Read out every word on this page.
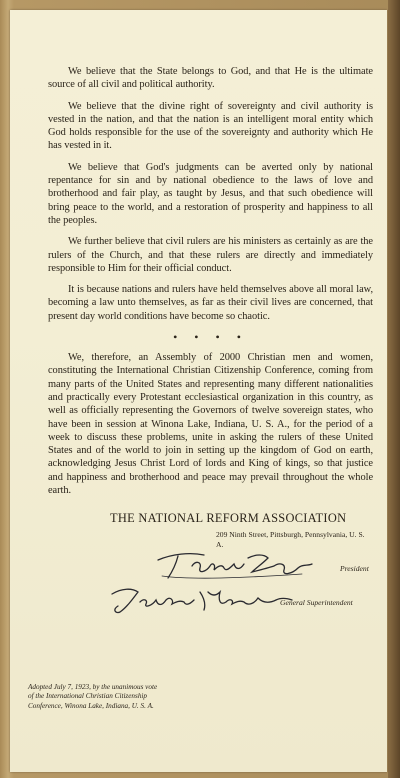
We believe that the State belongs to God, and that He is the ultimate source of all civil and political authority.

We believe that the divine right of sovereignty and civil authority is vested in the nation, and that the nation is an intelligent moral entity which God holds responsible for the use of the sovereignty and authority which He has vested in it.

We believe that God's judgments can be averted only by national repentance for sin and by national obedience to the laws of love and brotherhood and fair play, as taught by Jesus, and that such obedience will bring peace to the world, and a restoration of prosperity and happiness to all the peoples.

We further believe that civil rulers are his ministers as certainly as are the rulers of the Church, and that these rulers are directly and immediately responsible to Him for their official conduct.

It is because nations and rulers have held themselves above all moral law, becoming a law unto themselves, as far as their civil lives are concerned, that present day world conditions have become so chaotic.

• • • •

We, therefore, an Assembly of 2000 Christian men and women, constituting the International Christian Citizenship Conference, coming from many parts of the United States and representing many different nationalities and practically every Protestant ecclesiastical organization in this country, as well as officially representing the Governors of twelve sovereign states, who have been in session at Winona Lake, Indiana, U. S. A., for the period of a week to discuss these problems, unite in asking the rulers of these United States and of the world to join in setting up the kingdom of God on earth, acknowledging Jesus Christ Lord of lords and King of kings, so that justice and happiness and brotherhood and peace may prevail throughout the whole earth.

THE NATIONAL REFORM ASSOCIATION
209 Ninth Street, Pittsburgh, Pennsylvania, U. S. A.
President
General Superintendent
Adopted July 7, 1923, by the unanimous vote of the International Christian Citizenship Conference, Winona Lake, Indiana, U. S. A.
